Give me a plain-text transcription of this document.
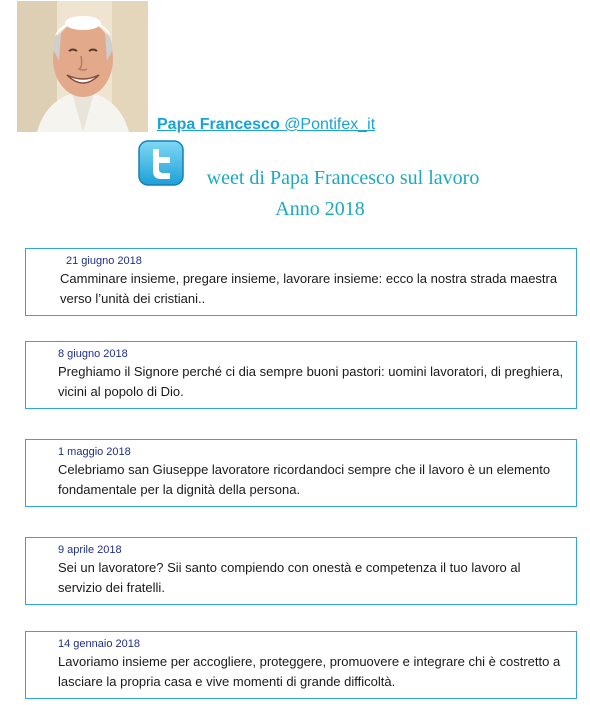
Papa Francesco @Pontifex_it
weet di Papa Francesco sul lavoro
Anno 2018
21 giugno 2018
Camminare insieme, pregare insieme, lavorare insieme: ecco la nostra strada maestra verso l’unità dei cristiani..
8 giugno 2018
Preghiamo il Signore perché ci dia sempre buoni pastori: uomini lavoratori, di preghiera, vicini al popolo di Dio.
1 maggio 2018
Celebriamo san Giuseppe lavoratore ricordandoci sempre che il lavoro è un elemento fondamentale per la dignità della persona.
9 aprile 2018
Sei un lavoratore? Sii santo compiendo con onestà e competenza il tuo lavoro al servizio dei fratelli.
14 gennaio 2018
Lavoriamo insieme per accogliere, proteggere, promuovere e integrare chi è costretto a lasciare la propria casa e vive momenti di grande difficoltà.
